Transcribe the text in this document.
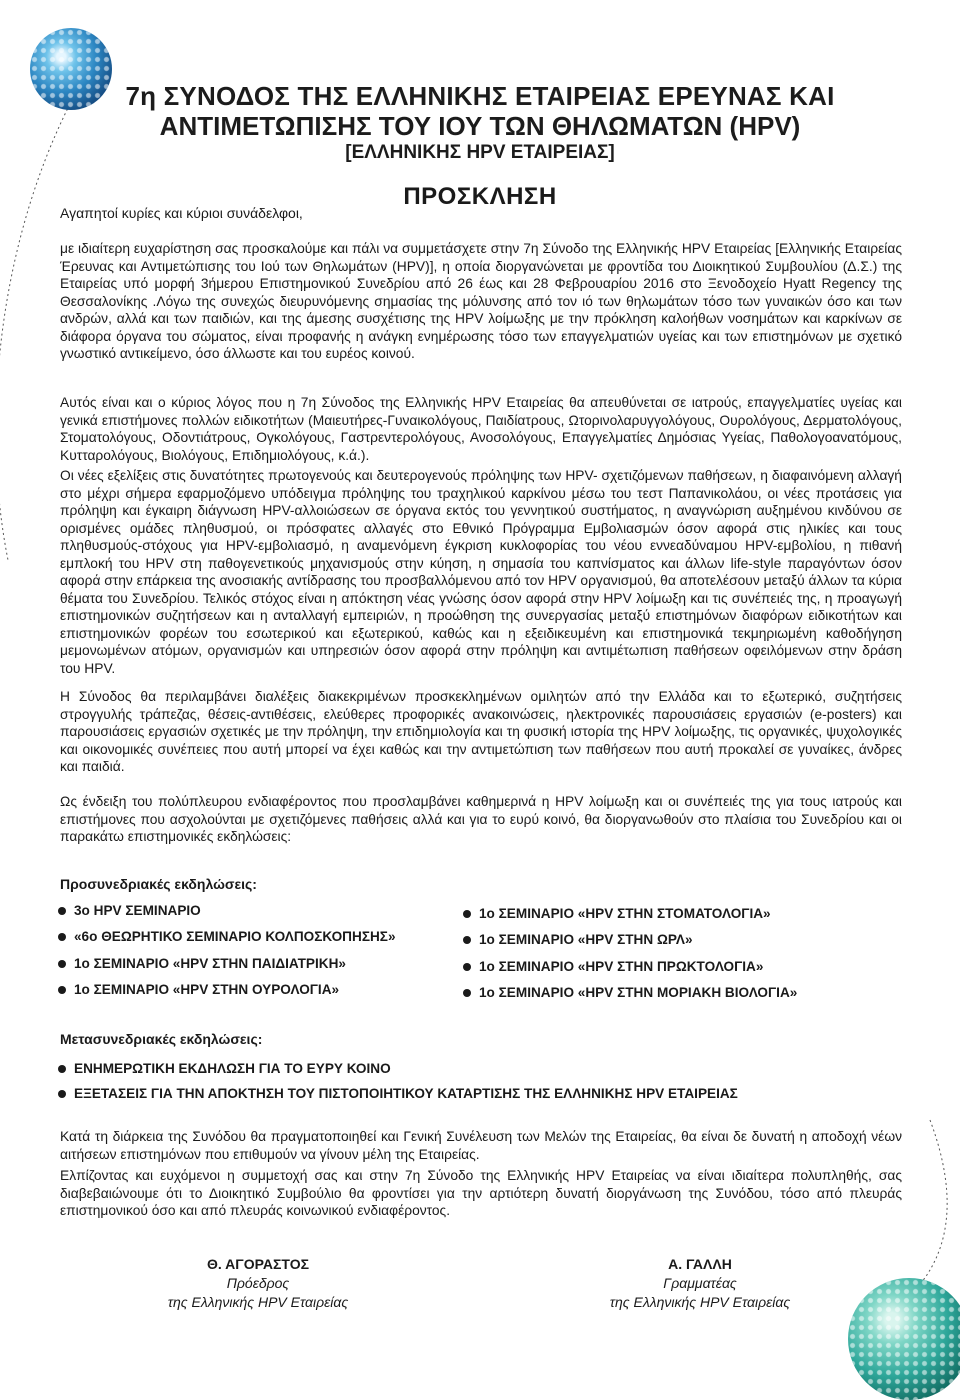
7η ΣΥΝΟΔΟΣ ΤΗΣ ΕΛΛΗΝΙΚΗΣ ΕΤΑΙΡΕΙΑΣ ΕΡΕΥΝΑΣ ΚΑΙ
ΑΝΤΙΜΕΤΩΠΙΣΗΣ ΤΟΥ ΙΟΥ ΤΩΝ ΘΗΛΩΜΑΤΩΝ (HPV)
[ΕΛΛΗΝΙΚΗΣ HPV ΕΤΑΙΡΕΙΑΣ]
ΠΡΟΣΚΛΗΣΗ
Αγαπητοί κυρίες και κύριοι συνάδελφοι,

με ιδιαίτερη ευχαρίστηση σας προσκαλούμε και πάλι να συμμετάσχετε στην 7η Σύνοδο της Ελληνικής HPV Εταιρείας [Ελληνικής Εταιρείας Έρευνας και Αντιμετώπισης του Ιού των Θηλωμάτων (HPV)], η οποία διοργανώνεται με φροντίδα του Διοικητικού Συμβουλίου (Δ.Σ.) της Εταιρείας υπό μορφή 3ήμερου Επιστημονικού Συνεδρίου από 26 έως και 28 Φεβρουαρίου 2016 στο Ξενοδοχείο Hyatt Regency της Θεσσαλονίκης .Λόγω της συνεχώς διευρυνόμενης σημασίας της μόλυνσης από τον ιό των θηλωμάτων τόσο των γυναικών όσο και των ανδρών, αλλά και των παιδιών, και της άμεσης συσχέτισης της HPV λοίμωξης με την πρόκληση καλοήθων νοσημάτων και καρκίνων σε διάφορα όργανα του σώματος, είναι προφανής η ανάγκη ενημέρωσης τόσο των επαγγελματιών υγείας και των επιστημόνων με σχετικό γνωστικό αντικείμενο, όσο άλλωστε και του ευρέος κοινού.

Αυτός είναι και ο κύριος λόγος που η 7η Σύνοδος της Ελληνικής HPV Εταιρείας θα απευθύνεται σε ιατρούς, επαγγελματίες υγείας και γενικά επιστήμονες πολλών ειδικοτήτων (Μαιευτήρες-Γυναικολόγους, Παιδίατρους, Ωτορινολαρυγγολόγους, Ουρολόγους, Δερματολόγους, Στοματολόγους, Οδοντιάτρους, Ογκολόγους, Γαστρεντερολόγους, Ανοσολόγους, Επαγγελματίες Δημόσιας Υγείας, Παθολογοανατόμους, Κυτταρολόγους, Βιολόγους, Επιδημιολόγους, κ.ά.).

Οι νέες εξελίξεις στις δυνατότητες πρωτογενούς και δευτερογενούς πρόληψης των HPV- σχετιζόμενων παθήσεων, η διαφαινόμενη αλλαγή στο μέχρι σήμερα εφαρμοζόμενο υπόδειγμα πρόληψης του τραχηλικού καρκίνου μέσω του τεστ Παπανικολάου, οι νέες προτάσεις για πρόληψη και έγκαιρη διάγνωση HPV-αλλοιώσεων σε όργανα εκτός του γεννητικού συστήματος, η αναγνώριση αυξημένου κινδύνου σε ορισμένες ομάδες πληθυσμού, οι πρόσφατες αλλαγές στο Εθνικό Πρόγραμμα Εμβολιασμών όσον αφορά στις ηλικίες και τους πληθυσμούς-στόχους για HPV-εμβολιασμό, η αναμενόμενη έγκριση κυκλοφορίας του νέου εννεαδύναμου HPV-εμβολίου, η πιθανή εμπλοκή του HPV στη παθογενετικούς μηχανισμούς στην κύηση, η σημασία του καπνίσματος και άλλων life-style παραγόντων όσον αφορά στην επάρκεια της ανοσιακής αντίδρασης του προσβαλλόμενου από τον HPV οργανισμού, θα αποτελέσουν μεταξύ άλλων τα κύρια θέματα του Συνεδρίου. Τελικός στόχος είναι η απόκτηση νέας γνώσης όσον αφορά στην HPV λοίμωξη και τις συνέπειές της, η προαγωγή επιστημονικών συζητήσεων και η ανταλλαγή εμπειριών, η προώθηση της συνεργασίας μεταξύ επιστημόνων διαφόρων ειδικοτήτων και επιστημονικών φορέων του εσωτερικού και εξωτερικού, καθώς και η εξειδικευμένη και επιστημονικά τεκμηριωμένη καθοδήγηση μεμονωμένων ατόμων, οργανισμών και υπηρεσιών όσον αφορά στην πρόληψη και αντιμέτωπιση παθήσεων οφειλόμενων στην δράση του HPV.

Η Σύνοδος θα περιλαμβάνει διαλέξεις διακεκριμένων προσκεκλημένων ομιλητών από την Ελλάδα και το εξωτερικό, συζητήσεις στρογγυλής τράπεζας, θέσεις-αντιθέσεις, ελεύθερες προφορικές ανακοινώσεις, ηλεκτρονικές παρουσιάσεις εργασιών (e-posters) και παρουσιάσεις εργασιών σχετικές με την πρόληψη, την επιδημιολογία και τη φυσική ιστορία της HPV λοίμωξης, τις οργανικές, ψυχολογικές και οικονομικές συνέπειες που αυτή μπορεί να έχει καθώς και την αντιμετώπιση των παθήσεων που αυτή προκαλεί σε γυναίκες, άνδρες και παιδιά.

Ως ένδειξη του πολύπλευρου ενδιαφέροντος που προσλαμβάνει καθημερινά η HPV λοίμωξη και οι συνέπειές της για τους ιατρούς και επιστήμονες που ασχολούνται με σχετιζόμενες παθήσεις αλλά και για το ευρύ κοινό, θα διοργανωθούν στο πλαίσια του Συνεδρίου και οι παρακάτω επιστημονικές εκδηλώσεις:

Προσυνεδριακές εκδηλώσεις:
3ο HPV ΣΕΜΙΝΑΡΙΟ
«6ο ΘΕΩΡΗΤΙΚΟ ΣΕΜΙΝΑΡΙΟ ΚΟΛΠΟΣΚΟΠΗΣΗΣ»
1ο ΣΕΜΙΝΑΡΙΟ «HPV ΣΤΗΝ ΠΑΙΔΙΑΤΡΙΚΗ»
1ο ΣΕΜΙΝΑΡΙΟ «HPV ΣΤΗΝ ΟΥΡΟΛΟΓΙΑ»
1ο ΣΕΜΙΝΑΡΙΟ «HPV ΣΤΗΝ ΣΤΟΜΑΤΟΛΟΓΙΑ»
1ο ΣΕΜΙΝΑΡΙΟ «HPV ΣΤΗΝ ΩΡΛ»
1ο ΣΕΜΙΝΑΡΙΟ «HPV ΣΤΗΝ ΠΡΩΚΤΟΛΟΓΙΑ»
1ο ΣΕΜΙΝΑΡΙΟ «HPV ΣΤΗΝ ΜΟΡΙΑΚΗ ΒΙΟΛΟΓΙΑ»
Μετασυνεδριακές εκδηλώσεις:
ΕΝΗΜΕΡΩΤΙΚΗ ΕΚΔΗΛΩΣΗ ΓΙΑ ΤΟ ΕΥΡΥ ΚΟΙΝΟ
ΕΞΕΤΑΣΕΙΣ ΓΙΑ ΤΗΝ ΑΠΟΚΤΗΣΗ ΤΟΥ ΠΙΣΤΟΠΟΙΗΤΙΚΟΥ ΚΑΤΑΡΤΙΣΗΣ ΤΗΣ ΕΛΛΗΝΙΚΗΣ HPV ΕΤΑΙΡΕΙΑΣ

Κατά τη διάρκεια της Συνόδου θα πραγματοποιηθεί και Γενική Συνέλευση των Μελών της Εταιρείας, θα είναι δε δυνατή η αποδοχή νέων αιτήσεων επιστημόνων που επιθυμούν να γίνουν μέλη της Εταιρείας.

Ελπίζοντας και ευχόμενοι η συμμετοχή σας και στην 7η Σύνοδο της Ελληνικής HPV Εταιρείας να είναι ιδιαίτερα πολυπληθής, σας διαβεβαιώνουμε ότι το Διοικητικό Συμβούλιο θα φροντίσει για την αρτιότερη δυνατή διοργάνωση της Συνόδου, τόσο από πλευράς επιστημονικού όσο και από πλευράς κοινωνικού ενδιαφέροντος.

Θ. ΑΓΟΡΑΣΤΟΣ
Πρόεδρος
της Ελληνικής HPV Εταιρείας
Α. ΓΑΛΛΗ
Γραμματέας
της Ελληνικής HPV Εταιρείας
